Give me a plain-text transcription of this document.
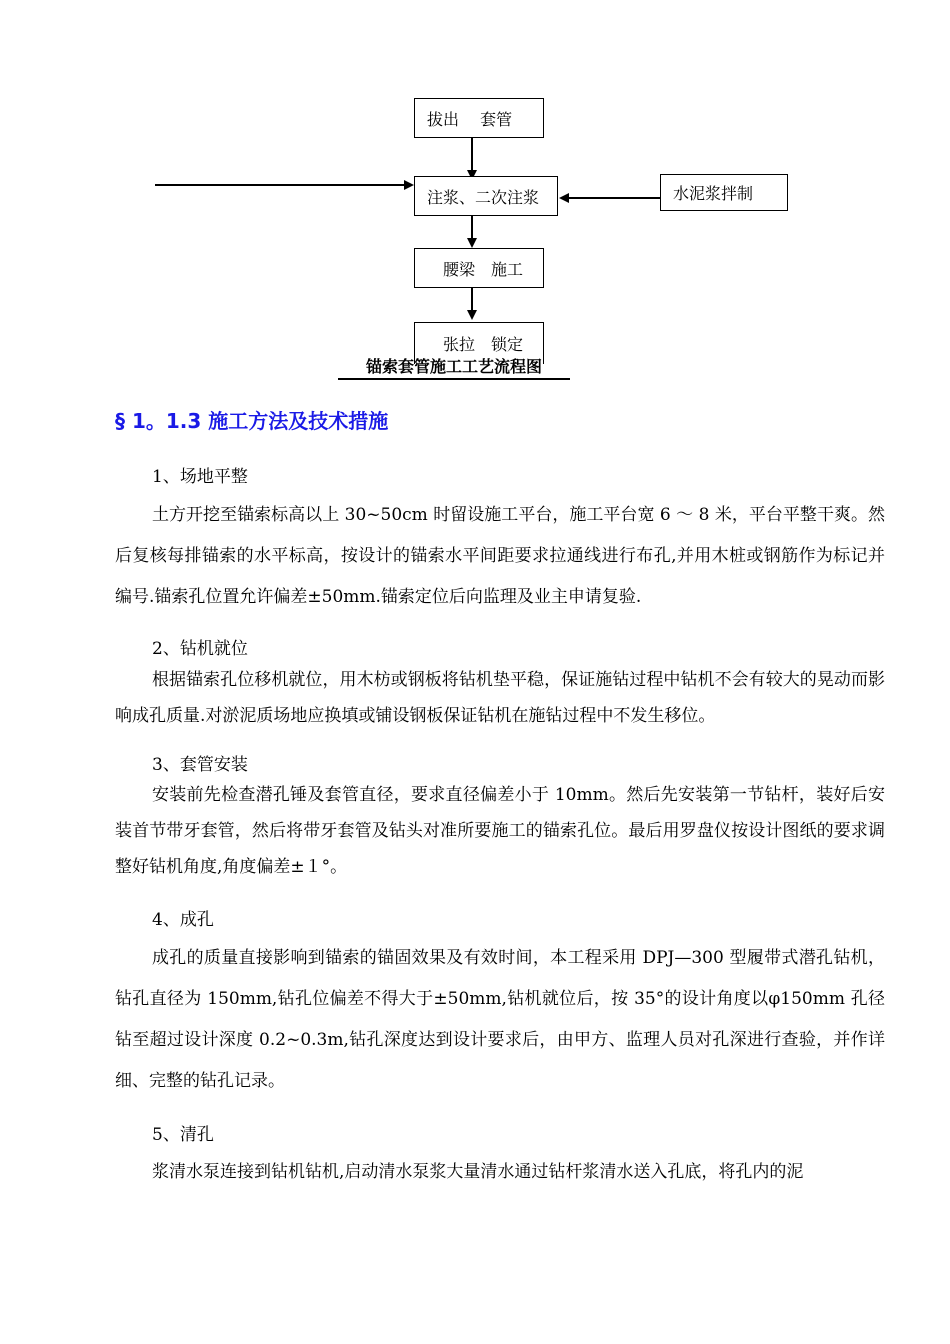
拔出　 套管
注浆、二次注浆	水泥浆拌制
　腰梁　施工
　张拉　锁定
锚索套管施工工艺流程图
§ 1。1.3 施工方法及技术措施
1、场地平整

土方开挖至锚索标高以上 30~50cm 时留设施工平台，施工平台宽 6 ～ 8 米，平台平整干爽。然后复核每排锚索的水平标高，按设计的锚索水平间距要求拉通线进行布孔,并用木桩或钢筋作为标记并编号.锚索孔位置允许偏差±50mm.锚索定位后向监理及业主申请复验.

2、钻机就位

根据锚索孔位移机就位，用木枋或钢板将钻机垫平稳，保证施钻过程中钻机不会有较大的晃动而影响成孔质量.对淤泥质场地应换填或铺设钢板保证钻机在施钻过程中不发生移位。

3、套管安装

安装前先检查潜孔锤及套管直径，要求直径偏差小于 10mm。然后先安装第一节钻杆，装好后安装首节带牙套管，然后将带牙套管及钻头对准所要施工的锚索孔位。最后用罗盘仪按设计图纸的要求调整好钻机角度,角度偏差±１°。

4、成孔

成孔的质量直接影响到锚索的锚固效果及有效时间，本工程采用 DPJ—300 型履带式潜孔钻机，钻孔直径为 150mm,钻孔位偏差不得大于±50mm,钻机就位后，按 35°的设计角度以φ150mm 孔径钻至超过设计深度 0.2~0.3m,钻孔深度达到设计要求后，由甲方、监理人员对孔深进行查验，并作详细、完整的钻孔记录。

5、清孔

浆清水泵连接到钻机钻机,启动清水泵浆大量清水通过钻杆浆清水送入孔底，将孔内的泥
